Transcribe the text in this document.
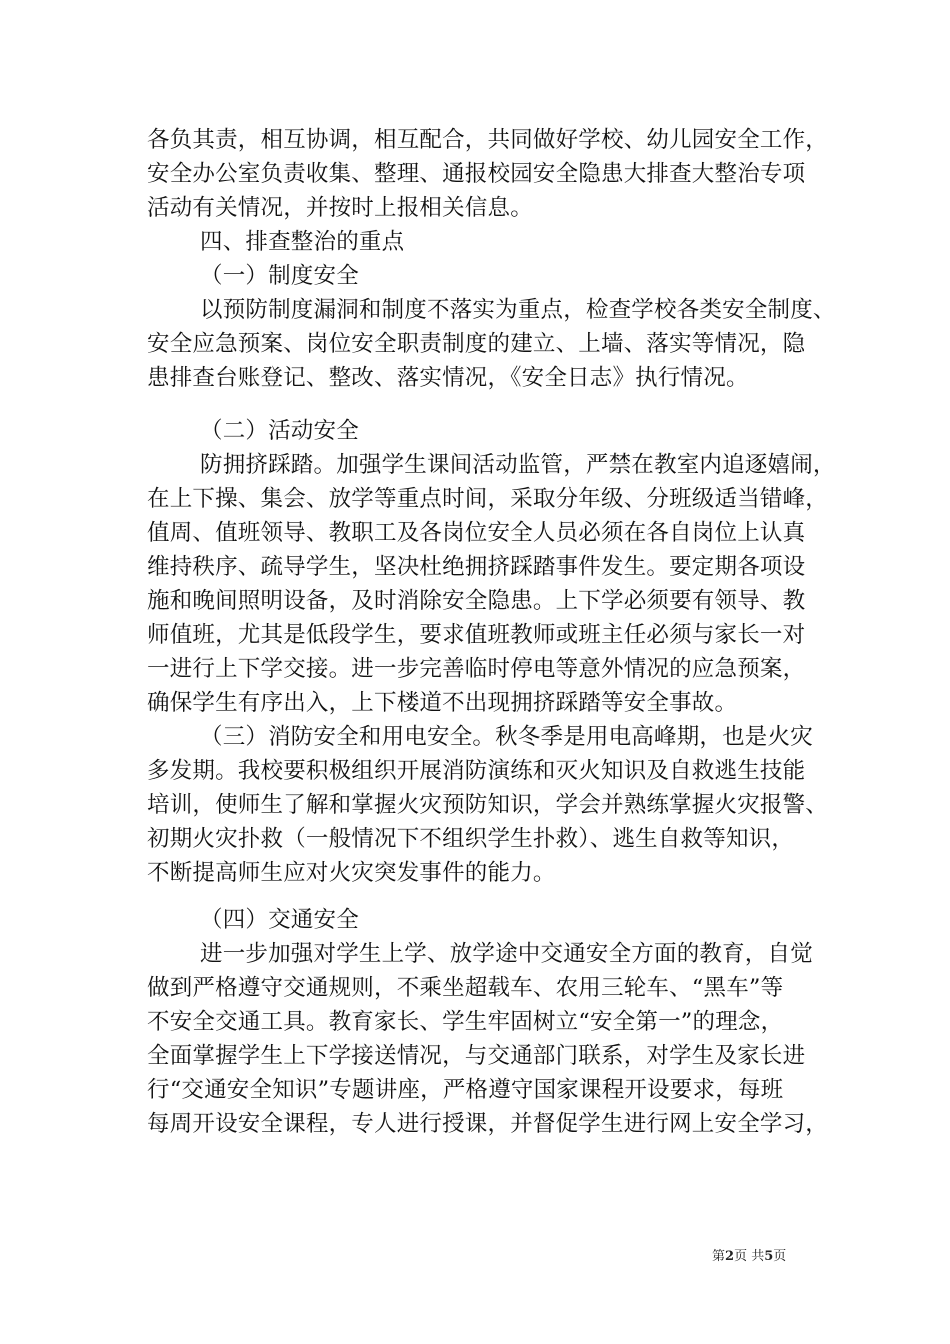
各负其责，相互协调，相互配合，共同做好学校、幼儿园安全工作，
安全办公室负责收集、整理、通报校园安全隐患大排查大整治专项
活动有关情况，并按时上报相关信息。
四、排查整治的重点
（一）制度安全
以预防制度漏洞和制度不落实为重点，检查学校各类安全制度、
安全应急预案、岗位安全职责制度的建立、上墙、落实等情况，隐
患排查台账登记、整改、落实情况，《安全日志》执行情况。
（二）活动安全
防拥挤踩踏。加强学生课间活动监管，严禁在教室内追逐嬉闹，
在上下操、集会、放学等重点时间，采取分年级、分班级适当错峰，
值周、值班领导、教职工及各岗位安全人员必须在各自岗位上认真
维持秩序、疏导学生，坚决杜绝拥挤踩踏事件发生。要定期各项设
施和晚间照明设备，及时消除安全隐患。上下学必须要有领导、教
师值班，尤其是低段学生，要求值班教师或班主任必须与家长一对
一进行上下学交接。进一步完善临时停电等意外情况的应急预案，
确保学生有序出入，上下楼道不出现拥挤踩踏等安全事故。
（三）消防安全和用电安全。秋冬季是用电高峰期，也是火灾
多发期。我校要积极组织开展消防演练和灭火知识及自救逃生技能
培训，使师生了解和掌握火灾预防知识，学会并熟练掌握火灾报警、
初期火灾扑救（一般情况下不组织学生扑救）、逃生自救等知识，
不断提高师生应对火灾突发事件的能力。
（四）交通安全
进一步加强对学生上学、放学途中交通安全方面的教育，自觉
做到严格遵守交通规则，不乘坐超载车、农用三轮车、“黑车”等
不安全交通工具。教育家长、学生牢固树立“安全第一”的理念，
全面掌握学生上下学接送情况，与交通部门联系，对学生及家长进
行“交通安全知识”专题讲座，严格遵守国家课程开设要求，每班
每周开设安全课程，专人进行授课，并督促学生进行网上安全学习，
第2页 共5页
